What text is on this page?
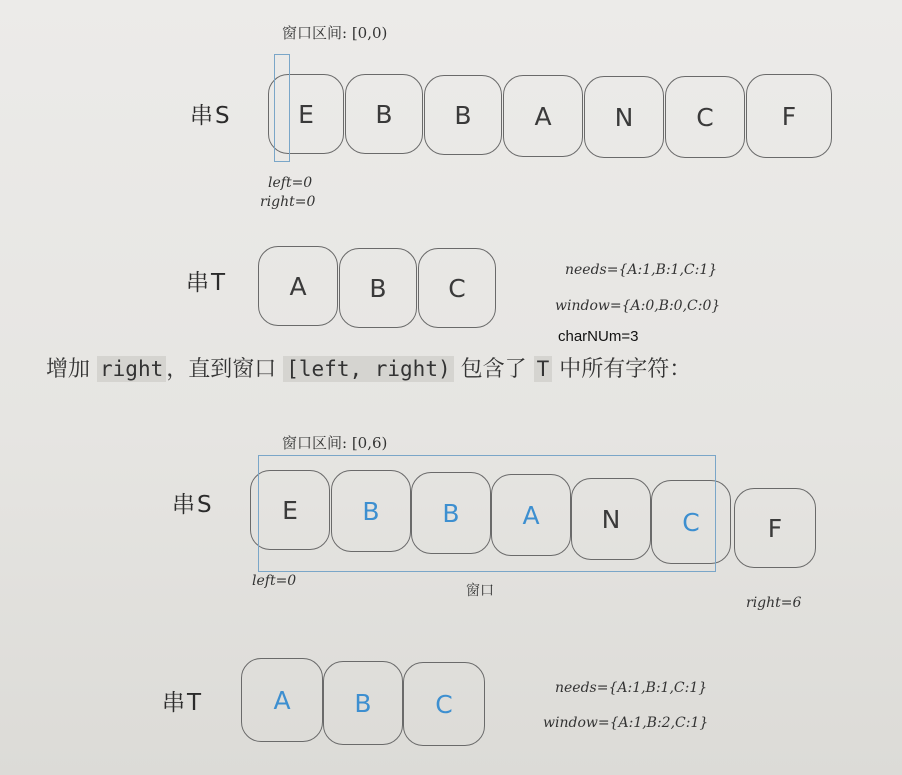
窗口区间: [0,0)
串S	E	B	B	A	N	C	F
left=0
right=0
串T	A	B	C
needs={A:1,B:1,C:1}
window={A:0,B:0,C:0}
charNUm=3
增加 right ，直到窗口 [left, right) 包含了 T 中所有字符：
窗口区间: [0,6)
串S	E	B	B	A	N	C	F
left=0
窗口
right=6
串T	A	B	C
needs={A:1,B:1,C:1}
window={A:1,B:2,C:1}
